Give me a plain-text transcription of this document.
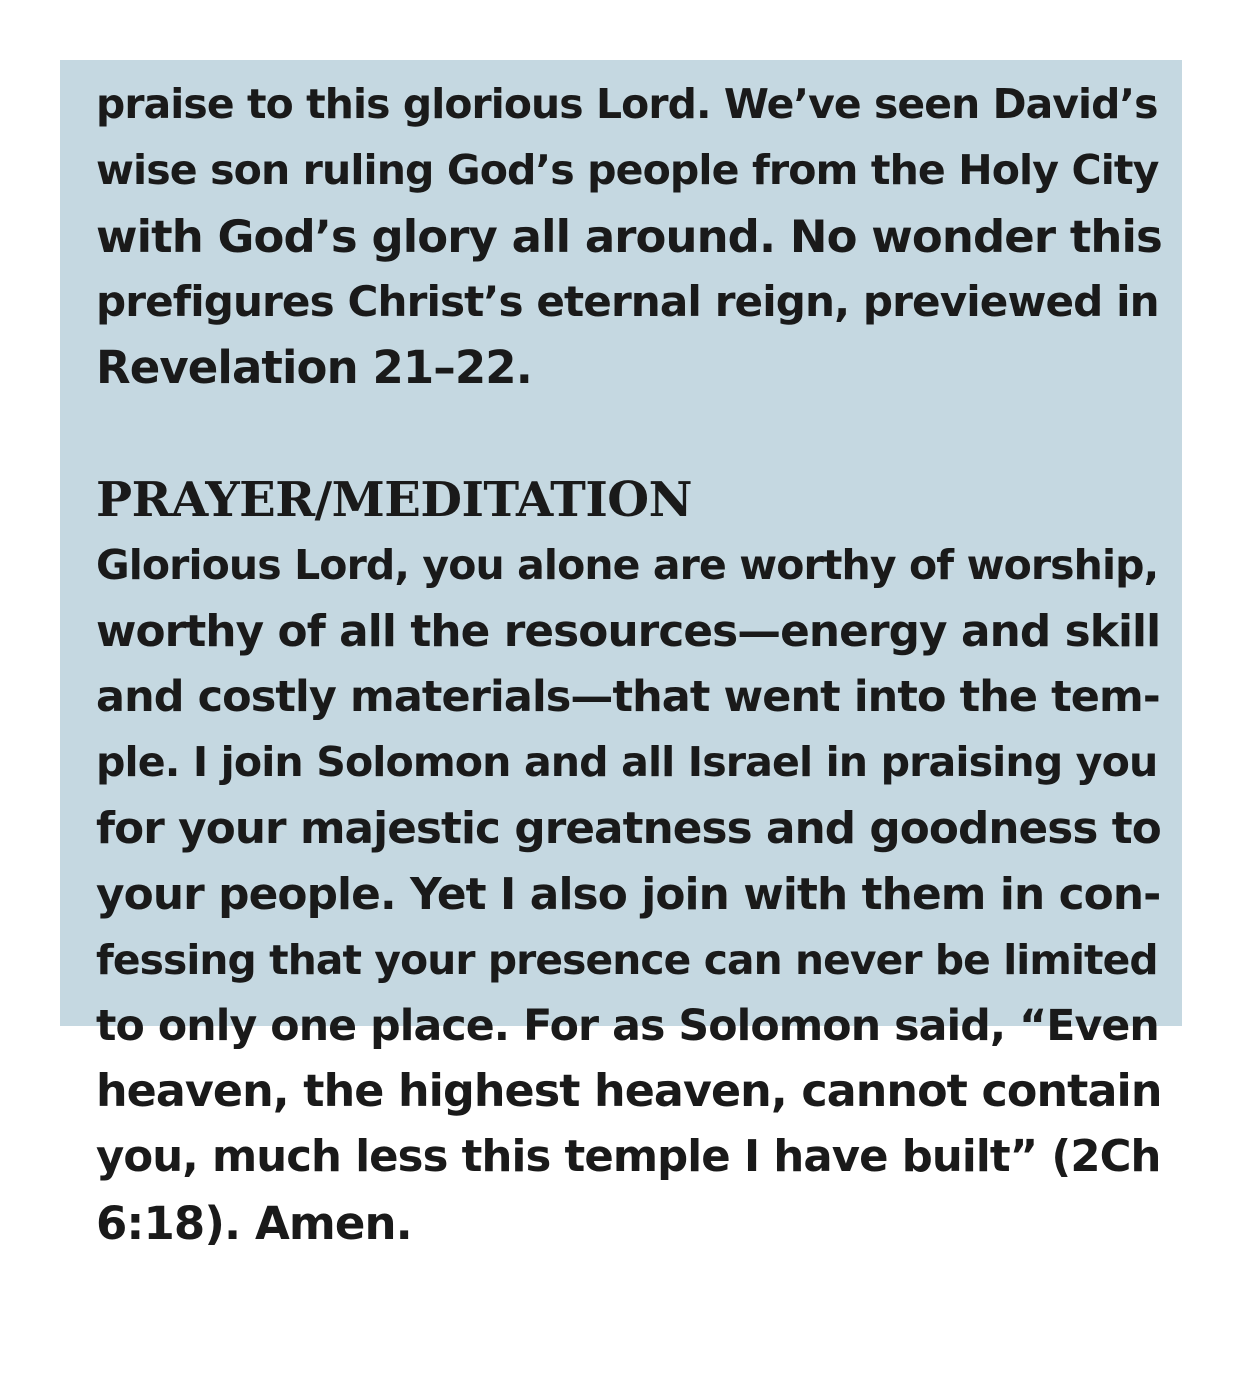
praise to this glorious Lord. We’ve seen David’s
wise son ruling God’s people from the Holy City
with God’s glory all around. No wonder this
prefigures Christ’s eternal reign, previewed in
Revelation 21–22.
PRAYER/MEDITATION
Glorious Lord, you alone are worthy of worship,
worthy of all the resources—energy and skill
and costly materials—that went into the tem-
ple. I join Solomon and all Israel in praising you
for your majestic greatness and goodness to
your people. Yet I also join with them in con-
fessing that your presence can never be limited
to only one place. For as Solomon said, “Even
heaven, the highest heaven, cannot contain
you, much less this temple I have built” (2Ch
6:18). Amen.
